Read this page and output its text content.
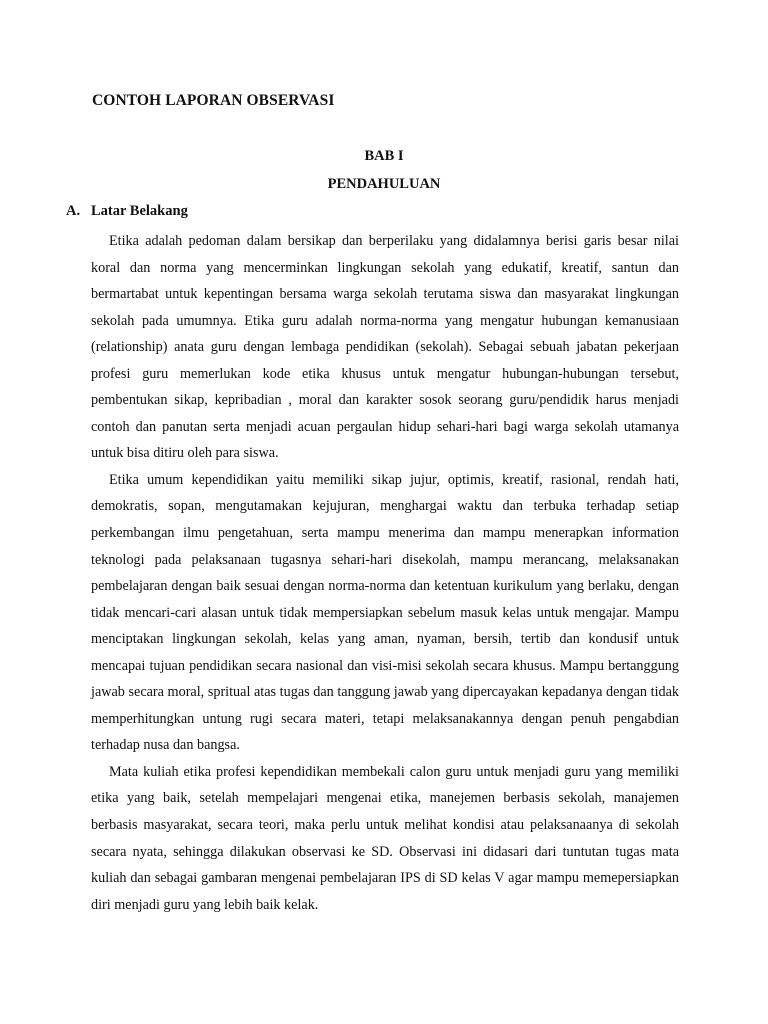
CONTOH LAPORAN OBSERVASI
BAB I
PENDAHULUAN
A. Latar Belakang

Etika adalah pedoman dalam bersikap dan berperilaku yang didalamnya berisi garis besar nilai koral dan norma yang mencerminkan lingkungan sekolah yang edukatif, kreatif, santun dan bermartabat untuk kepentingan bersama warga sekolah terutama siswa dan masyarakat lingkungan sekolah pada umumnya. Etika guru adalah norma-norma yang mengatur hubungan kemanusiaan (relationship) anata guru dengan lembaga pendidikan (sekolah). Sebagai sebuah jabatan pekerjaan profesi guru memerlukan kode etika khusus untuk mengatur hubungan-hubungan tersebut, pembentukan sikap, kepribadian , moral dan karakter sosok seorang guru/pendidik harus menjadi contoh dan panutan serta menjadi acuan pergaulan hidup sehari-hari bagi warga sekolah utamanya untuk bisa ditiru oleh para siswa.

Etika umum kependidikan yaitu memiliki sikap jujur, optimis, kreatif, rasional, rendah hati, demokratis, sopan, mengutamakan kejujuran, menghargai waktu dan terbuka terhadap setiap perkembangan ilmu pengetahuan, serta mampu menerima dan mampu menerapkan information teknologi pada pelaksanaan tugasnya sehari-hari disekolah, mampu merancang, melaksanakan pembelajaran dengan baik sesuai dengan norma-norma dan ketentuan kurikulum yang berlaku, dengan tidak mencari-cari alasan untuk tidak mempersiapkan sebelum masuk kelas untuk mengajar. Mampu menciptakan lingkungan sekolah, kelas yang aman, nyaman, bersih, tertib dan kondusif untuk mencapai tujuan pendidikan secara nasional dan visi-misi sekolah secara khusus. Mampu bertanggung jawab secara moral, spritual atas tugas dan tanggung jawab yang dipercayakan kepadanya dengan tidak memperhitungkan untung rugi secara materi, tetapi melaksanakannya dengan penuh pengabdian terhadap nusa dan bangsa.

Mata kuliah etika profesi kependidikan membekali calon guru untuk menjadi guru yang memiliki etika yang baik, setelah mempelajari mengenai etika, manejemen berbasis sekolah, manajemen berbasis masyarakat, secara teori, maka perlu untuk melihat kondisi atau pelaksanaanya di sekolah secara nyata, sehingga dilakukan observasi ke SD. Observasi ini didasari dari tuntutan tugas mata kuliah dan sebagai gambaran mengenai pembelajaran IPS di SD kelas V agar mampu memepersiapkan diri menjadi guru yang lebih baik kelak.
